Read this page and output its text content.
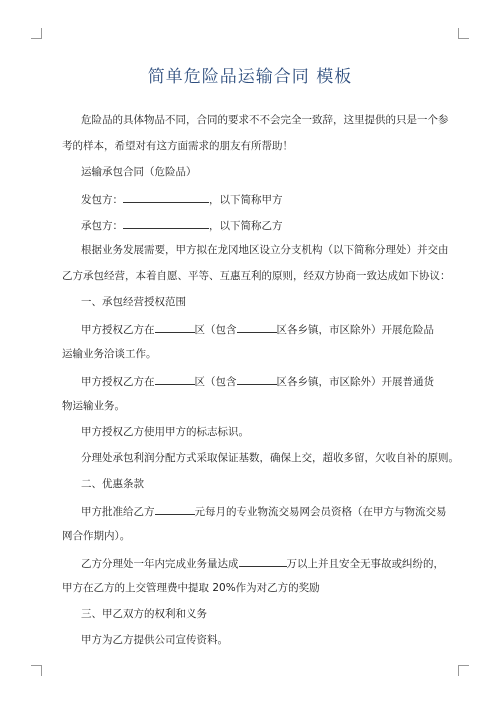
简单危险品运输合同 模板
危险品的具体物品不同，合同的要求不不会完全一致辞，这里提供的只是一个参
考的样本，希望对有这方面需求的朋友有所帮助！
运输承包合同（危险品）
发包方：	，以下简称甲方
承包方：	，以下简称乙方
根据业务发展需要，甲方拟在龙冈地区设立分支机构（以下简称分理处）并交由
乙方承包经营，本着自愿、平等、互惠互利的原则，经双方协商一致达成如下协议：
一、承包经营授权范围
甲方授权乙方在	区（包含	区各乡镇，市区除外）开展危险品
运输业务洽谈工作。
甲方授权乙方在	区（包含	区各乡镇，市区除外）开展普通货
物运输业务。
甲方授权乙方使用甲方的标志标识。
分理处承包利润分配方式采取保证基数，确保上交，超收多留，欠收自补的原则。
二、优惠条款
甲方批准给乙方	元每月的专业物流交易网会员资格（在甲方与物流交易
网合作期内）。
乙方分理处一年内完成业务量达成	万以上并且安全无事故或纠纷的，
甲方在乙方的上交管理费中提取 20%作为对乙方的奖励
三、甲乙双方的权利和义务
甲方为乙方提供公司宣传资料。
